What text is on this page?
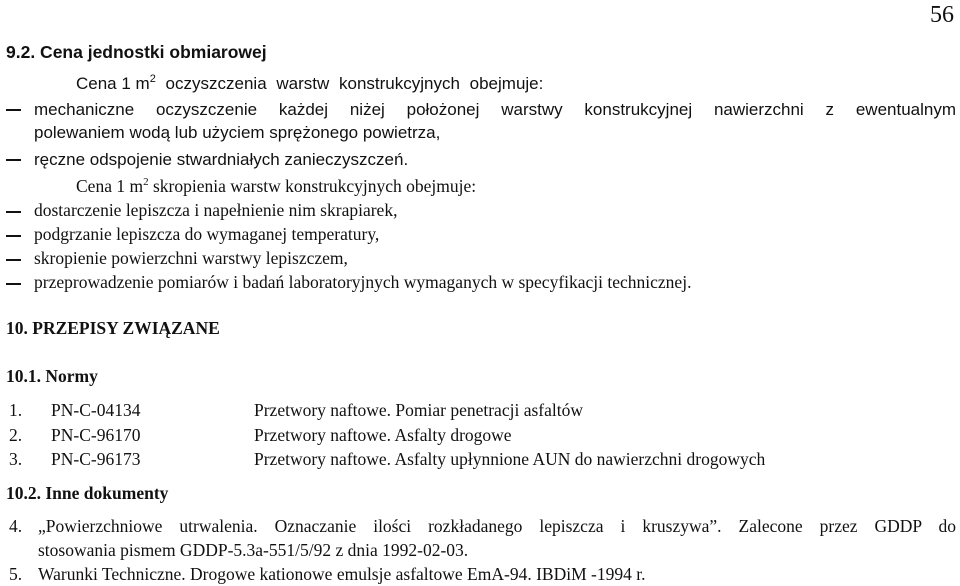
56
9.2. Cena jednostki obmiarowej
Cena 1 $m^2$ oczyszczenia warstw konstrukcyjnych obejmuje:
mechaniczne oczyszczenie każdej niżej położonej warstwy konstrukcyjnej nawierzchni z ewentualnym
polewaniem wodą lub użyciem sprężonego powietrza,
ręczne odspojenie stwardniałych zanieczyszczeń.
Cena 1 $m^2$ skropienia warstw konstrukcyjnych obejmuje:
dostarczenie lepiszcza i napełnienie nim skrapiarek,
podgrzanie lepiszcza do wymaganej temperatury,
skropienie powierzchni warstwy lepiszczem,
przeprowadzenie pomiarów i badań laboratoryjnych wymaganych w specyfikacji technicznej.
10. PRZEPISY ZWIĄZANE
10.1. Normy
1. PN-C-04134	Przetwory naftowe. Pomiar penetracji asfaltów
2. PN-C-96170	Przetwory naftowe. Asfalty drogowe
3. PN-C-96173	Przetwory naftowe. Asfalty upłynnione AUN do nawierzchni drogowych
10.2. Inne dokumenty
4. „Powierzchniowe utrwalenia. Oznaczanie ilości rozkładanego lepiszcza i kruszywa”. Zalecone przez GDDP do
stosowania pismem GDDP-5.3a-551/5/92 z dnia 1992-02-03.
5. Warunki Techniczne. Drogowe kationowe emulsje asfaltowe EmA-94. IBDiM -1994 r.
